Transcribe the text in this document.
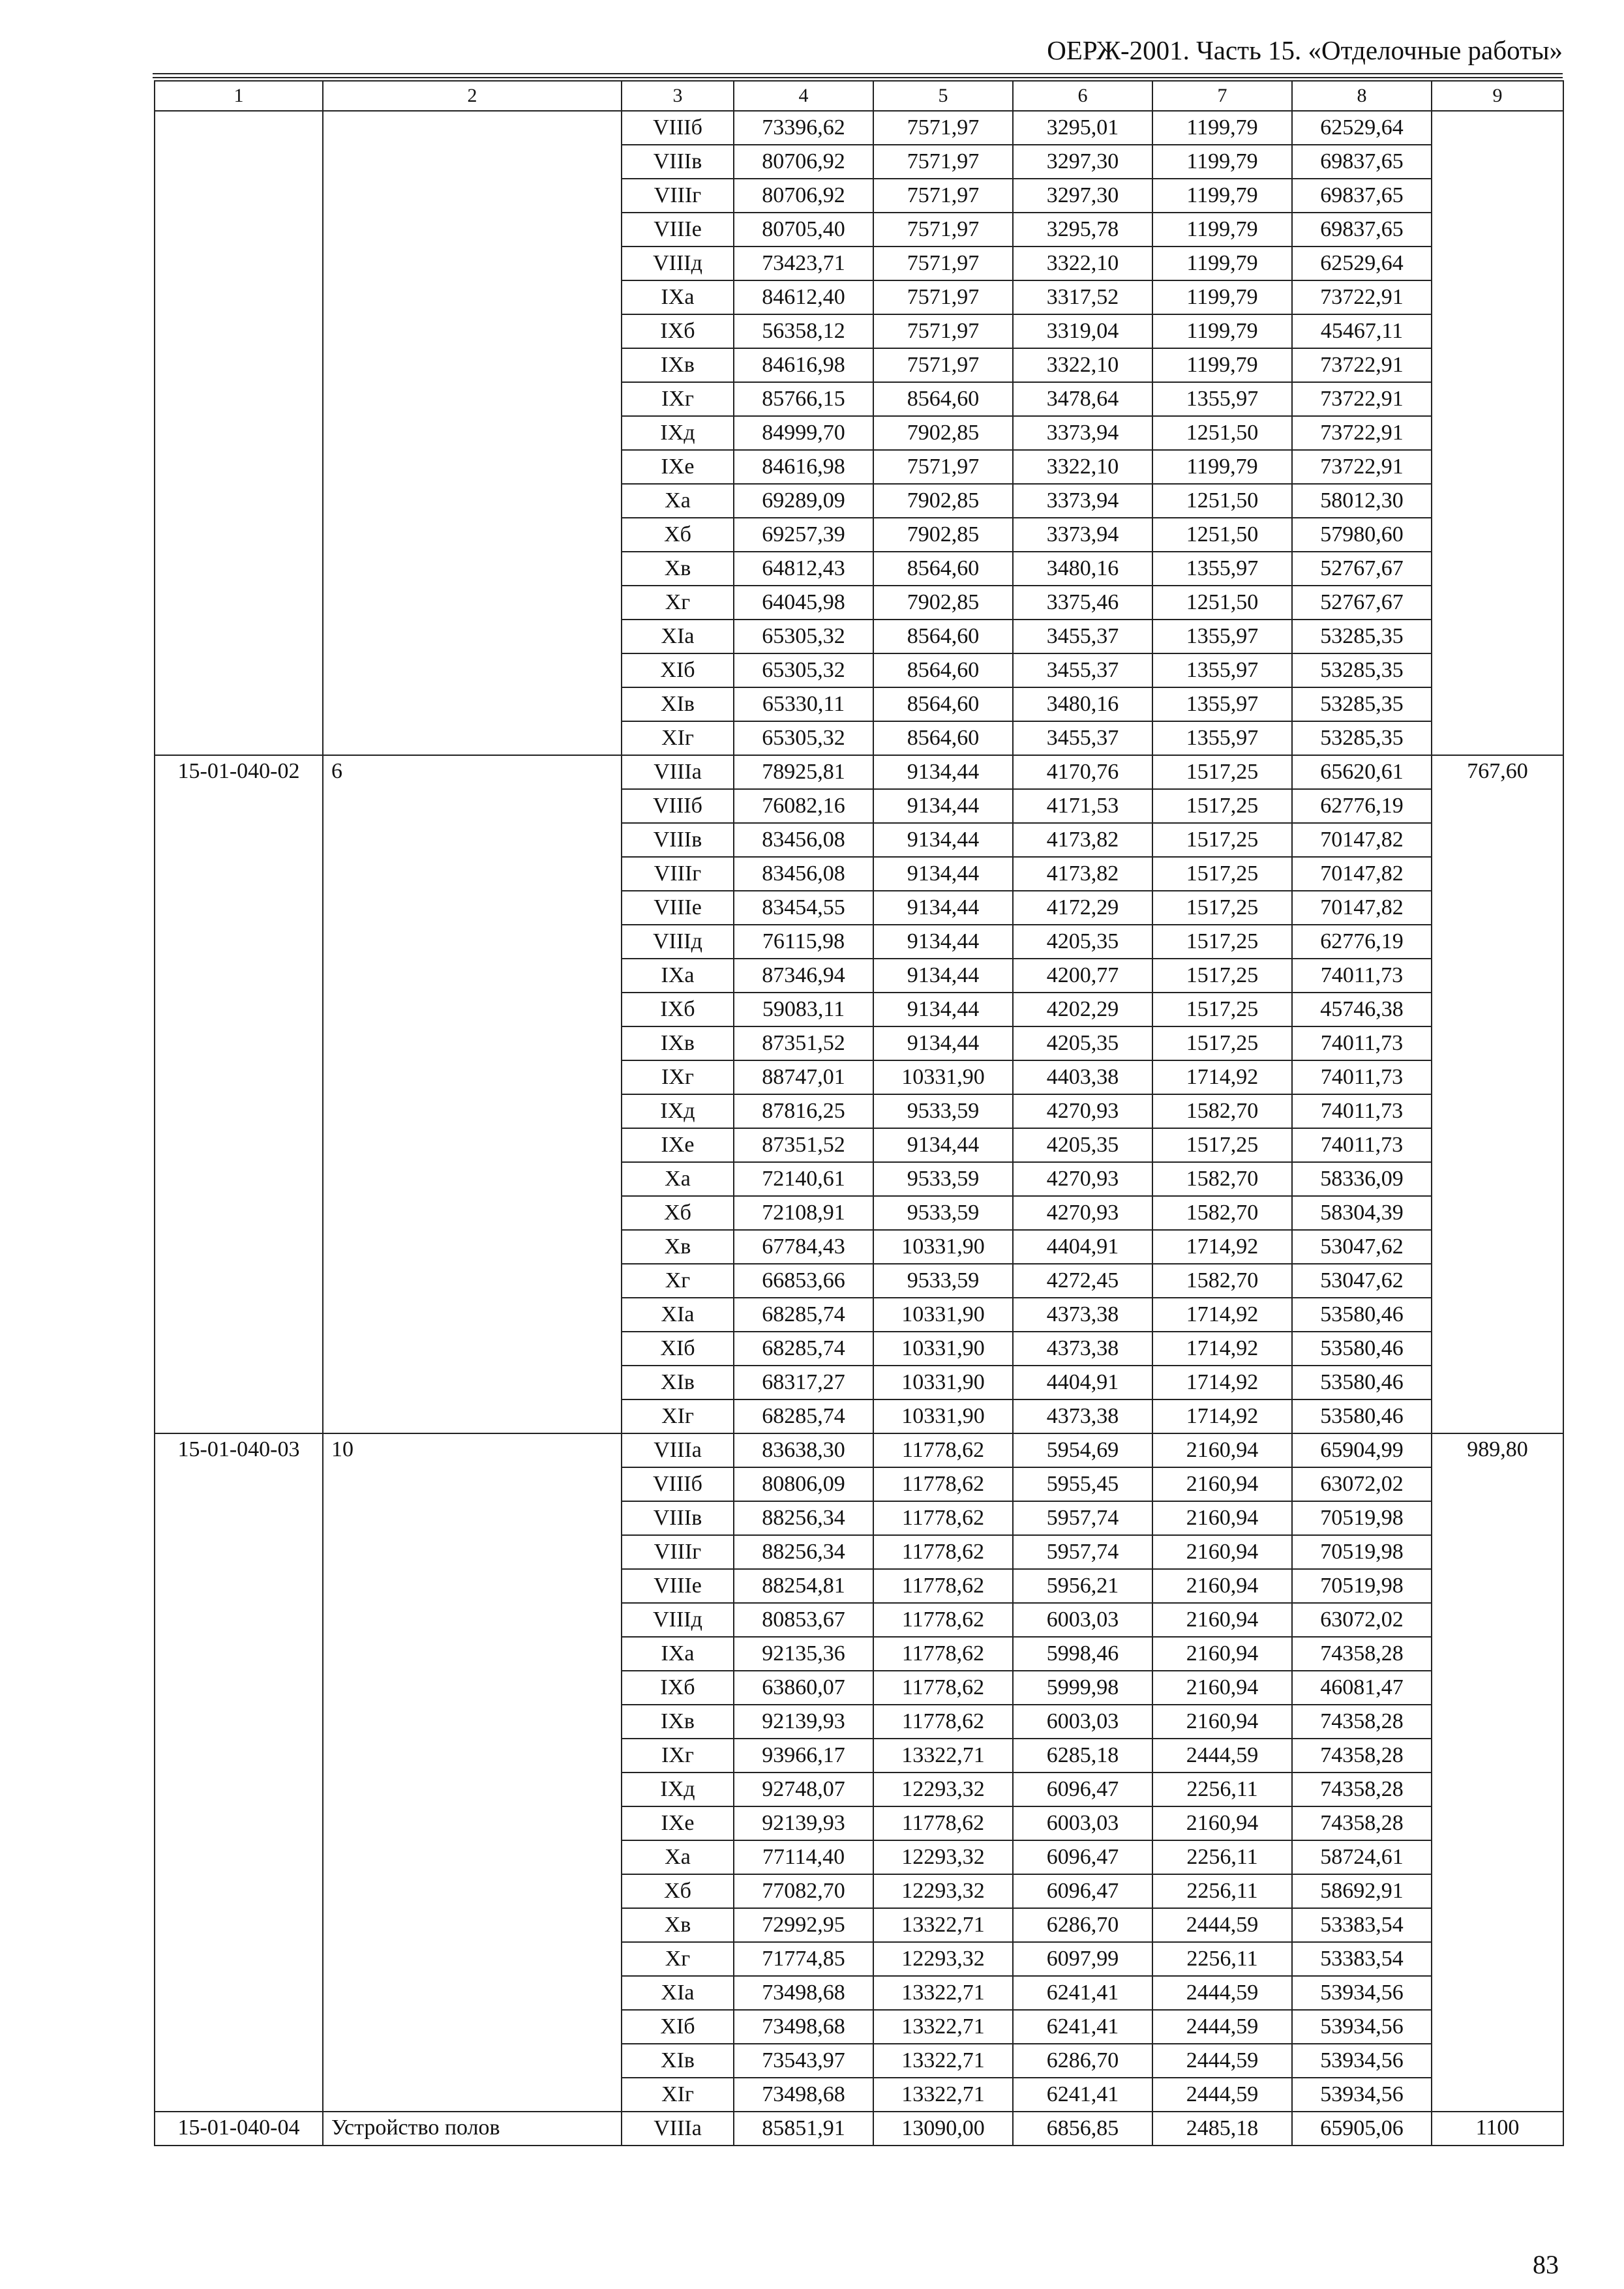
ОЕРЖ-2001. Часть 15. «Отделочные работы»
1	2	3	4	5	6	7	8	9
		VIIIб	73396,62	7571,97	3295,01	1199,79	62529,64	
		VIIIв	80706,92	7571,97	3297,30	1199,79	69837,65	
		VIIIг	80706,92	7571,97	3297,30	1199,79	69837,65	
		VIIIе	80705,40	7571,97	3295,78	1199,79	69837,65	
		VIIIд	73423,71	7571,97	3322,10	1199,79	62529,64	
		IXа	84612,40	7571,97	3317,52	1199,79	73722,91	
		IXб	56358,12	7571,97	3319,04	1199,79	45467,11	
		IXв	84616,98	7571,97	3322,10	1199,79	73722,91	
		IXг	85766,15	8564,60	3478,64	1355,97	73722,91	
		IXд	84999,70	7902,85	3373,94	1251,50	73722,91	
		IXе	84616,98	7571,97	3322,10	1199,79	73722,91	
		Xа	69289,09	7902,85	3373,94	1251,50	58012,30	
		Xб	69257,39	7902,85	3373,94	1251,50	57980,60	
		Xв	64812,43	8564,60	3480,16	1355,97	52767,67	
		Xг	64045,98	7902,85	3375,46	1251,50	52767,67	
		XIа	65305,32	8564,60	3455,37	1355,97	53285,35	
		XIб	65305,32	8564,60	3455,37	1355,97	53285,35	
		XIв	65330,11	8564,60	3480,16	1355,97	53285,35	
		XIг	65305,32	8564,60	3455,37	1355,97	53285,35	
15-01-040-02	6	VIIIа	78925,81	9134,44	4170,76	1517,25	65620,61	767,60
		VIIIб	76082,16	9134,44	4171,53	1517,25	62776,19	
		VIIIв	83456,08	9134,44	4173,82	1517,25	70147,82	
		VIIIг	83456,08	9134,44	4173,82	1517,25	70147,82	
		VIIIе	83454,55	9134,44	4172,29	1517,25	70147,82	
		VIIIд	76115,98	9134,44	4205,35	1517,25	62776,19	
		IXа	87346,94	9134,44	4200,77	1517,25	74011,73	
		IXб	59083,11	9134,44	4202,29	1517,25	45746,38	
		IXв	87351,52	9134,44	4205,35	1517,25	74011,73	
		IXг	88747,01	10331,90	4403,38	1714,92	74011,73	
		IXд	87816,25	9533,59	4270,93	1582,70	74011,73	
		IXе	87351,52	9134,44	4205,35	1517,25	74011,73	
		Xа	72140,61	9533,59	4270,93	1582,70	58336,09	
		Xб	72108,91	9533,59	4270,93	1582,70	58304,39	
		Xв	67784,43	10331,90	4404,91	1714,92	53047,62	
		Xг	66853,66	9533,59	4272,45	1582,70	53047,62	
		XIа	68285,74	10331,90	4373,38	1714,92	53580,46	
		XIб	68285,74	10331,90	4373,38	1714,92	53580,46	
		XIв	68317,27	10331,90	4404,91	1714,92	53580,46	
		XIг	68285,74	10331,90	4373,38	1714,92	53580,46	
15-01-040-03	10	VIIIа	83638,30	11778,62	5954,69	2160,94	65904,99	989,80
		VIIIб	80806,09	11778,62	5955,45	2160,94	63072,02	
		VIIIв	88256,34	11778,62	5957,74	2160,94	70519,98	
		VIIIг	88256,34	11778,62	5957,74	2160,94	70519,98	
		VIIIе	88254,81	11778,62	5956,21	2160,94	70519,98	
		VIIIд	80853,67	11778,62	6003,03	2160,94	63072,02	
		IXа	92135,36	11778,62	5998,46	2160,94	74358,28	
		IXб	63860,07	11778,62	5999,98	2160,94	46081,47	
		IXв	92139,93	11778,62	6003,03	2160,94	74358,28	
		IXг	93966,17	13322,71	6285,18	2444,59	74358,28	
		IXд	92748,07	12293,32	6096,47	2256,11	74358,28	
		IXе	92139,93	11778,62	6003,03	2160,94	74358,28	
		Xа	77114,40	12293,32	6096,47	2256,11	58724,61	
		Xб	77082,70	12293,32	6096,47	2256,11	58692,91	
		Xв	72992,95	13322,71	6286,70	2444,59	53383,54	
		Xг	71774,85	12293,32	6097,99	2256,11	53383,54	
		XIа	73498,68	13322,71	6241,41	2444,59	53934,56	
		XIб	73498,68	13322,71	6241,41	2444,59	53934,56	
		XIв	73543,97	13322,71	6286,70	2444,59	53934,56	
		XIг	73498,68	13322,71	6241,41	2444,59	53934,56	
15-01-040-04	Устройство полов	VIIIа	85851,91	13090,00	6856,85	2485,18	65905,06	1100
83
